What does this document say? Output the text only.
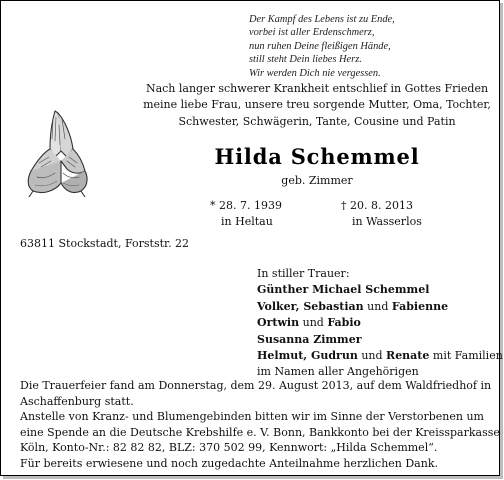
Der Kampf des Lebens ist zu Ende,
vorbei ist aller Erdenschmerz,
nun ruhen Deine fleißigen Hände,
still steht Dein liebes Herz.
Wir werden Dich nie vergessen.
Nach langer schwerer Krankheit entschlief in Gottes Frieden
meine liebe Frau, unsere treu sorgende Mutter, Oma, Tochter,
Schwester, Schwägerin, Tante, Cousine und Patin
Hilda Schemmel
geb. Zimmer
* 28. 7. 1939
in Heltau
† 20. 8. 2013
in Wasserlos
63811 Stockstadt, Forststr. 22
In stiller Trauer:
Günther Michael Schemmel
Volker, Sebastian und Fabienne
Ortwin und Fabio
Susanna Zimmer
Helmut, Gudrun und Renate mit Familien
im Namen aller Angehörigen
Die Trauerfeier fand am Donnerstag, dem 29. August 2013, auf dem Waldfriedhof in
Aschaffenburg statt.
Anstelle von Kranz- und Blumengebinden bitten wir im Sinne der Verstorbenen um
eine Spende an die Deutsche Krebshilfe e. V. Bonn, Bankkonto bei der Kreissparkasse
Köln, Konto-Nr.: 82 82 82, BLZ: 370 502 99, Kennwort: „Hilda Schemmel“.
Für bereits erwiesene und noch zugedachte Anteilnahme herzlichen Dank.
